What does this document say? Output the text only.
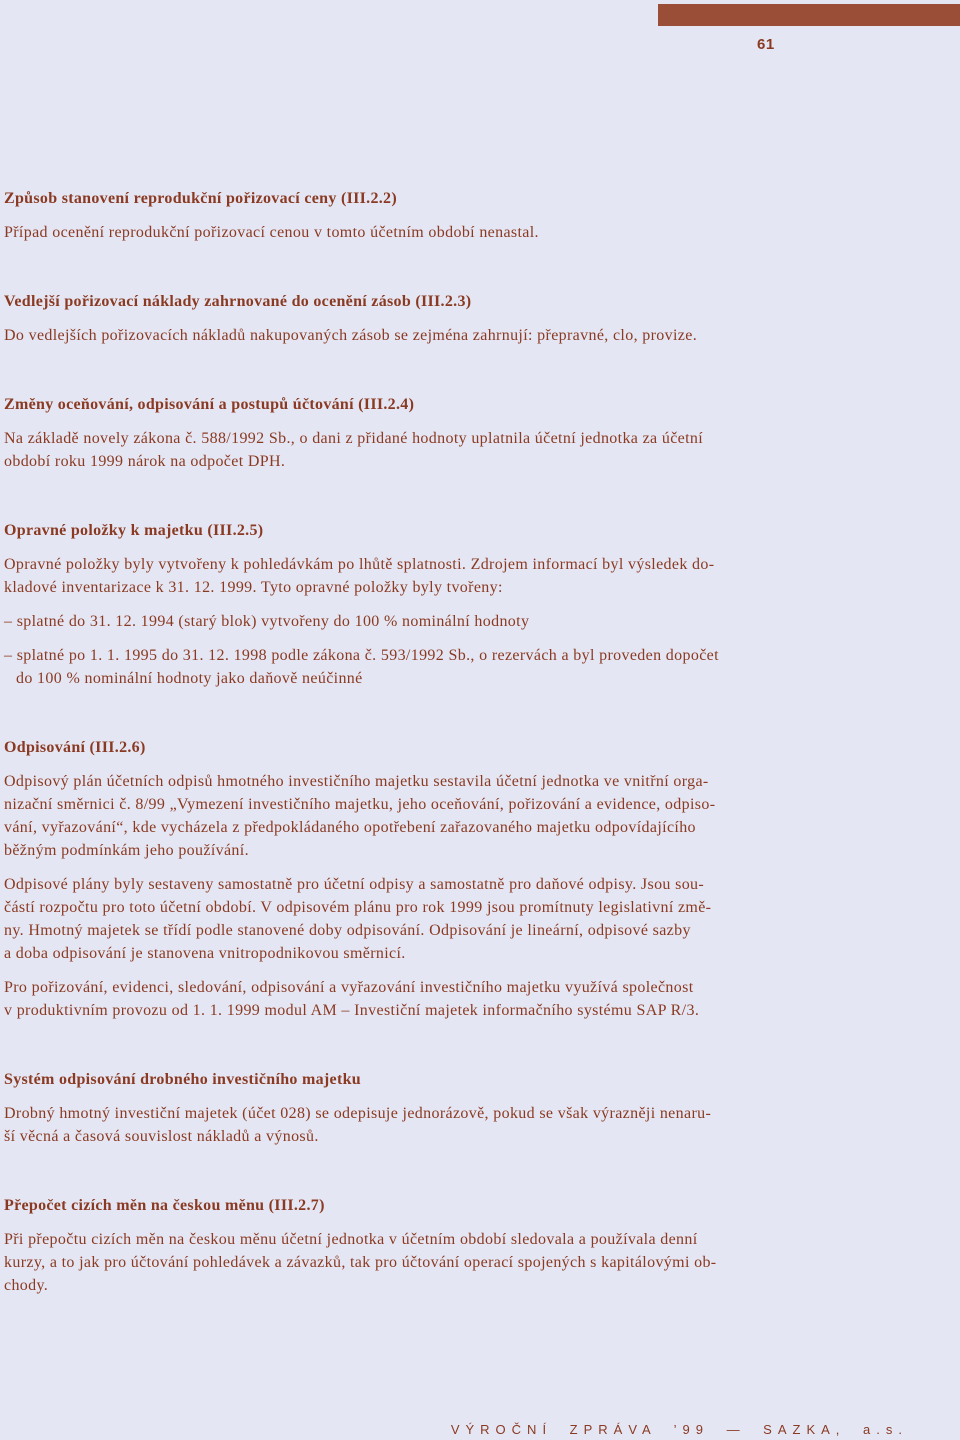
61
Způsob stanovení reprodukční pořizovací ceny (III.2.2)
Případ ocenění reprodukční pořizovací cenou v tomto účetním období nenastal.
Vedlejší pořizovací náklady zahrnované do ocenění zásob (III.2.3)
Do vedlejších pořizovacích nákladů nakupovaných zásob se zejména zahrnují: přepravné, clo, provize.
Změny oceňování, odpisování a postupů účtování (III.2.4)
Na základě novely zákona č. 588/1992 Sb., o dani z přidané hodnoty uplatnila účetní jednotka za účetní
období roku 1999 nárok na odpočet DPH.
Opravné položky k majetku (III.2.5)
Opravné položky byly vytvořeny k pohledávkám po lhůtě splatnosti. Zdrojem informací byl výsledek do-
kladové inventarizace k 31. 12. 1999. Tyto opravné položky byly tvořeny:
– splatné do 31. 12. 1994 (starý blok) vytvořeny do 100 % nominální hodnoty
– splatné po 1. 1. 1995 do 31. 12. 1998 podle zákona č. 593/1992 Sb., o rezervách a byl proveden dopočet
do 100 % nominální hodnoty jako daňově neúčinné
Odpisování (III.2.6)
Odpisový plán účetních odpisů hmotného investičního majetku sestavila účetní jednotka ve vnitřní orga-
nizační směrnici č. 8/99 „Vymezení investičního majetku, jeho oceňování, pořizování a evidence, odpiso-
vání, vyřazování“, kde vycházela z předpokládaného opotřebení zařazovaného majetku odpovídajícího
běžným podmínkám jeho používání.
Odpisové plány byly sestaveny samostatně pro účetní odpisy a samostatně pro daňové odpisy. Jsou sou-
částí rozpočtu pro toto účetní období. V odpisovém plánu pro rok 1999 jsou promítnuty legislativní změ-
ny. Hmotný majetek se třídí podle stanovené doby odpisování. Odpisování je lineární, odpisové sazby
a doba odpisování je stanovena vnitropodnikovou směrnicí.
Pro pořizování, evidenci, sledování, odpisování a vyřazování investičního majetku využívá společnost
v produktivním provozu od 1. 1. 1999 modul AM – Investiční majetek informačního systému SAP R/3.
Systém odpisování drobného investičního majetku
Drobný hmotný investiční majetek (účet 028) se odepisuje jednorázově, pokud se však výrazněji nenaru-
ší věcná a časová souvislost nákladů a výnosů.
Přepočet cizích měn na českou měnu (III.2.7)
Při přepočtu cizích měn na českou měnu účetní jednotka v účetním období sledovala a používala denní
kurzy, a to jak pro účtování pohledávek a závazků, tak pro účtování operací spojených s kapitálovými ob-
chody.
VÝROČNÍ ZPRÁVA ’99 — SAZKA, a.s.
